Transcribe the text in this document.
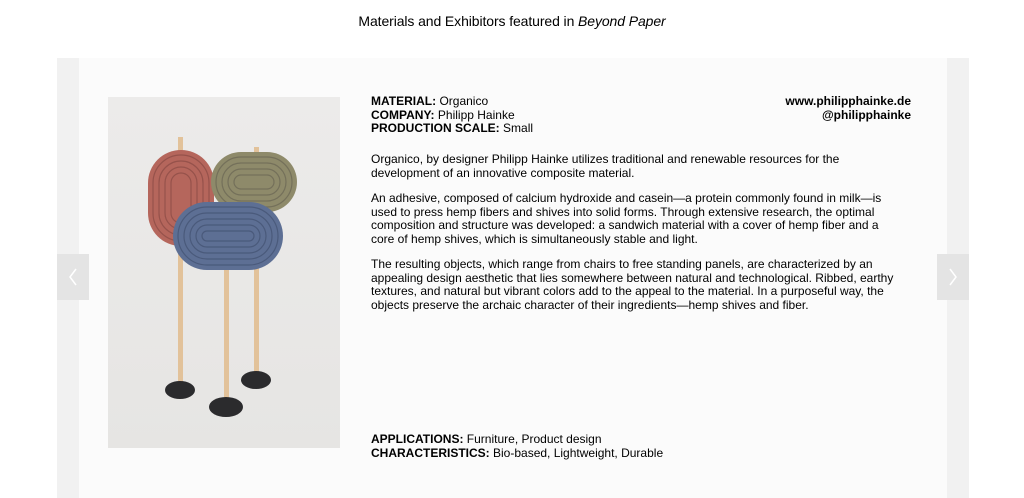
Materials and Exhibitors featured in Beyond Paper
MATERIAL: Organico
COMPANY: Philipp Hainke
PRODUCTION SCALE: Small
www.philipphainke.de
@philipphainke

Organico, by designer Philipp Hainke utilizes traditional and renewable resources for the development of an innovative composite material.

An adhesive, composed of calcium hydroxide and casein—a protein commonly found in milk—is used to press hemp fibers and shives into solid forms. Through extensive research, the optimal composition and structure was developed: a sandwich material with a cover of hemp fiber and a core of hemp shives, which is simultaneously stable and light.

The resulting objects, which range from chairs to free standing panels, are characterized by an appealing design aesthetic that lies somewhere between natural and technological. Ribbed, earthy textures, and natural but vibrant colors add to the appeal to the material. In a purposeful way, the objects preserve the archaic character of their ingredients—hemp shives and fiber.

APPLICATIONS: Furniture, Product design
CHARACTERISTICS: Bio-based, Lightweight, Durable
